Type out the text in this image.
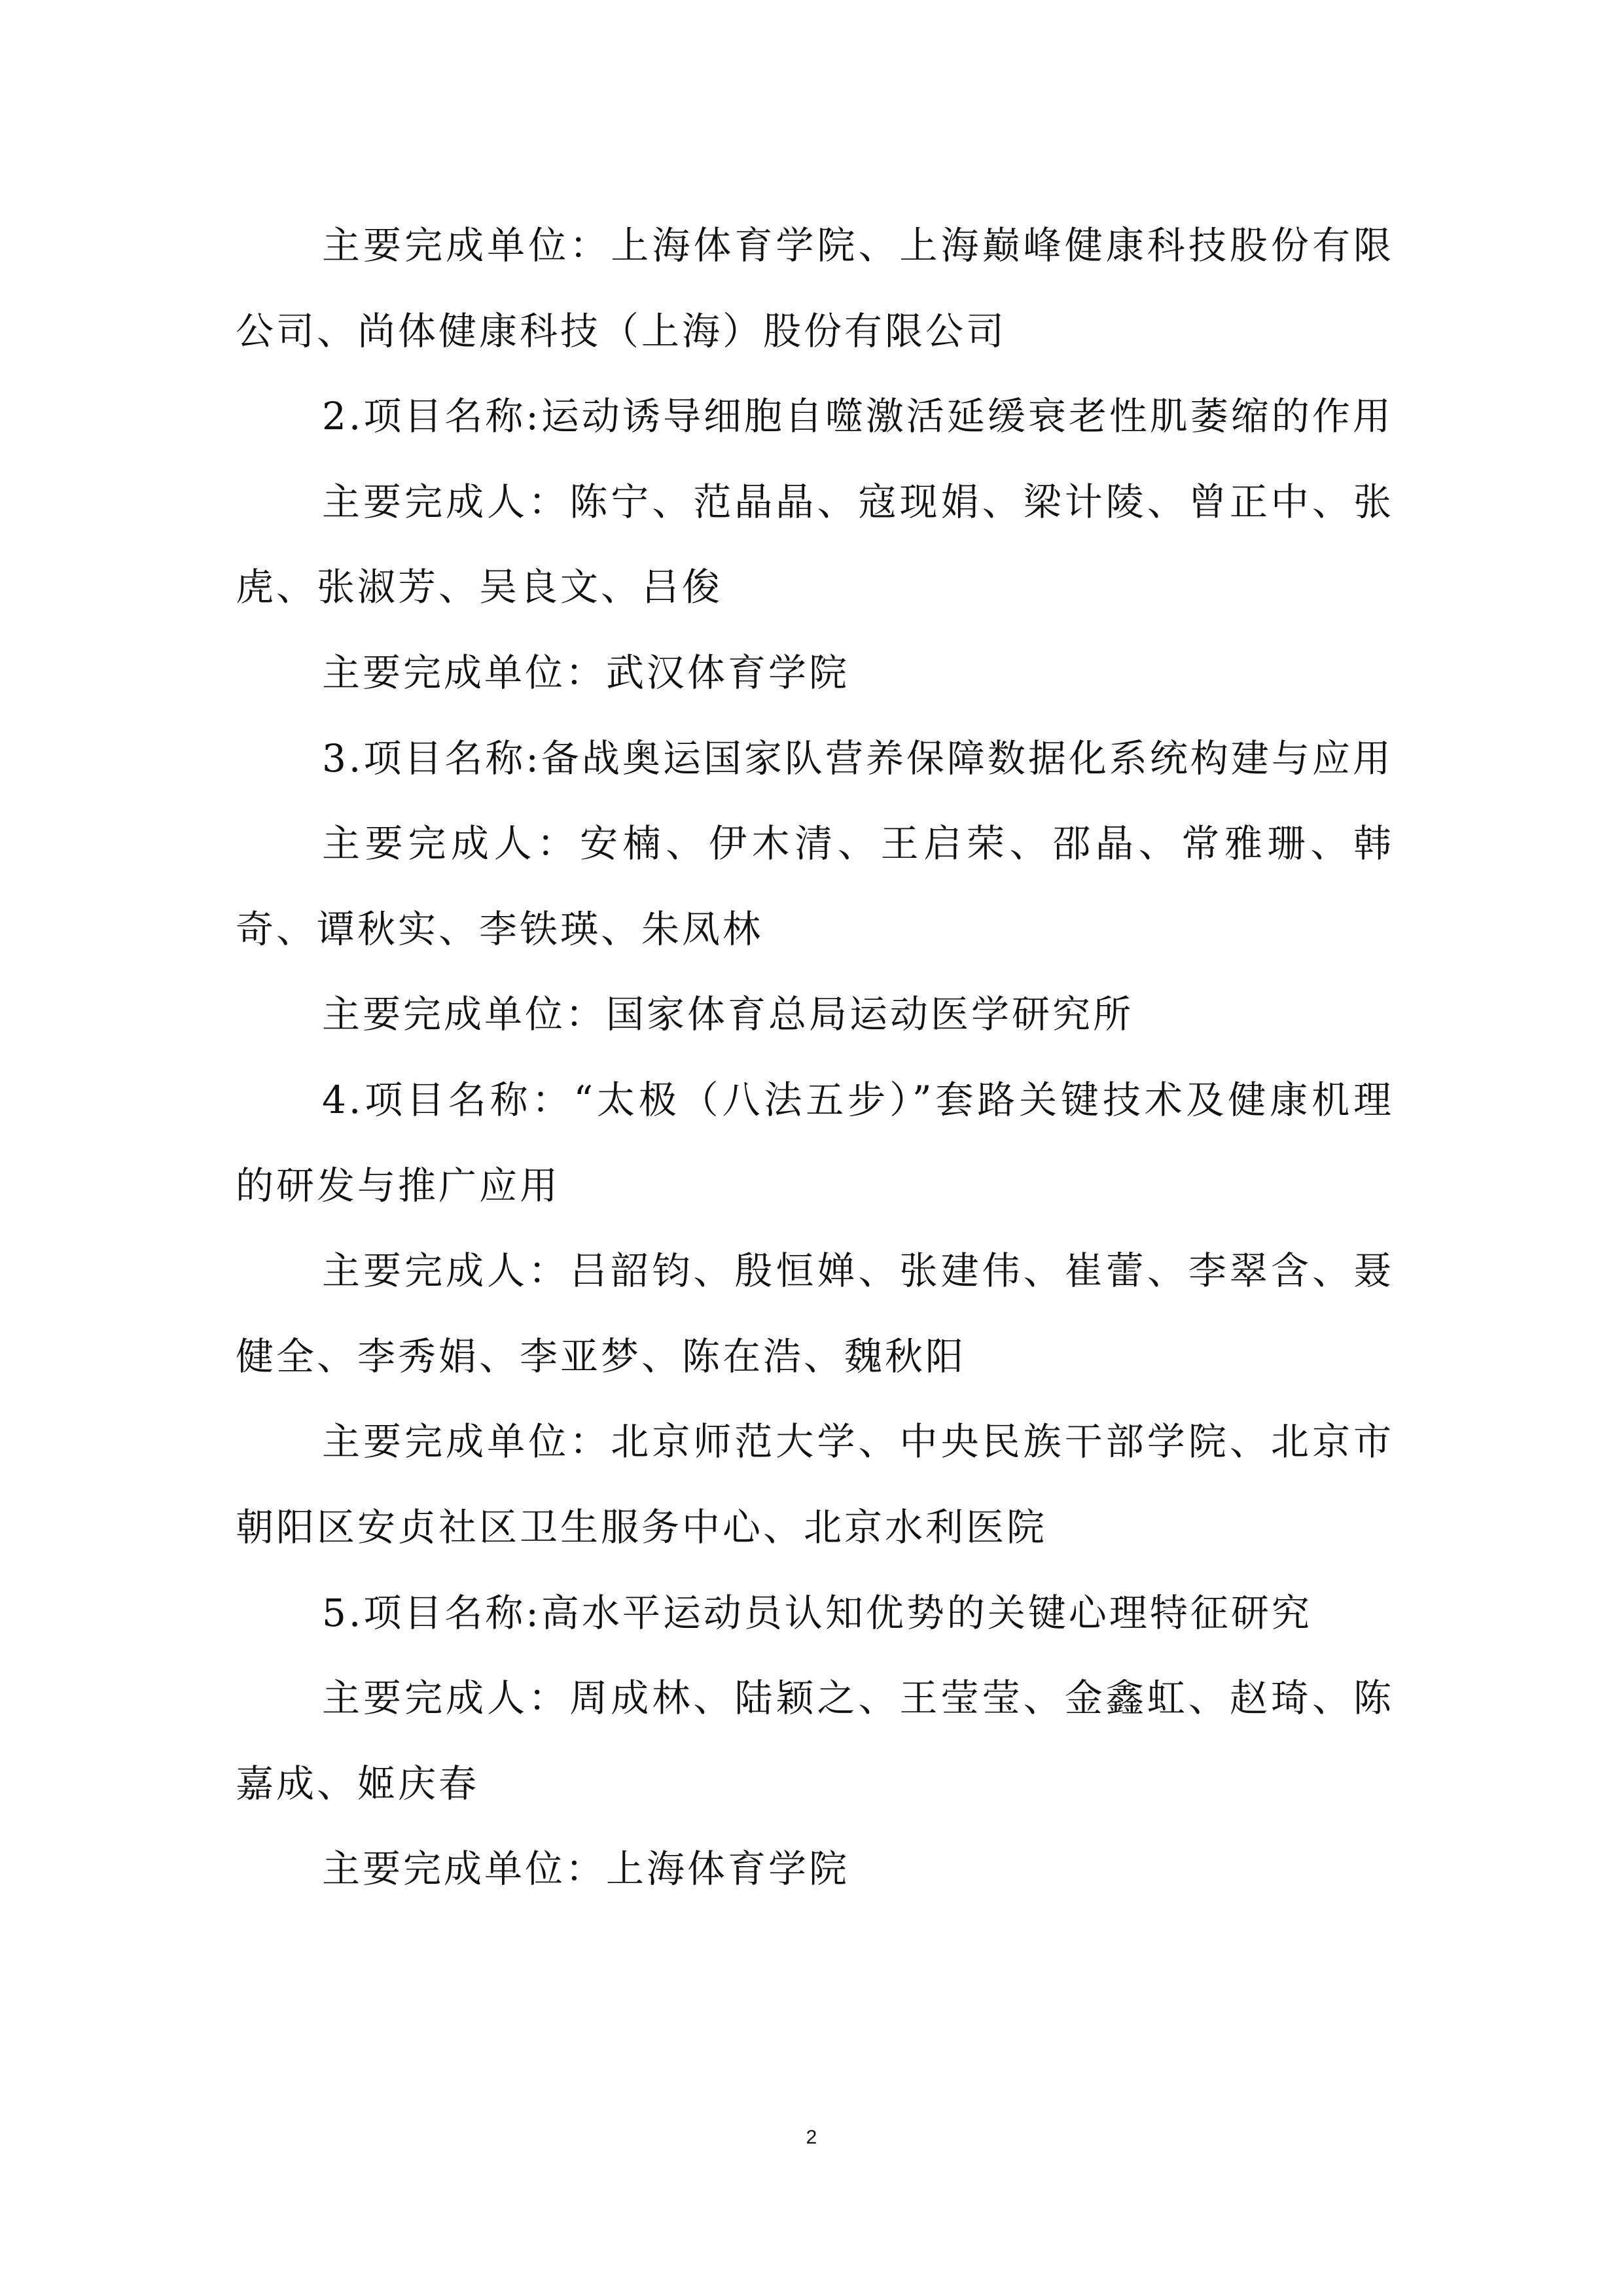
主要完成单位：上海体育学院、上海巅峰健康科技股份有限公司、尚体健康科技（上海）股份有限公司

2.项目名称:运动诱导细胞自噬激活延缓衰老性肌萎缩的作用

主要完成人：陈宁、范晶晶、寇现娟、梁计陵、曾正中、张虎、张淑芳、吴良文、吕俊

主要完成单位：武汉体育学院

3.项目名称:备战奥运国家队营养保障数据化系统构建与应用

主要完成人：安楠、伊木清、王启荣、邵晶、常雅珊、韩奇、谭秋实、李铁瑛、朱凤林

主要完成单位：国家体育总局运动医学研究所

4.项目名称：“太极（八法五步）”套路关键技术及健康机理的研发与推广应用

主要完成人：吕韶钧、殷恒婵、张建伟、崔蕾、李翠含、聂健全、李秀娟、李亚梦、陈在浩、魏秋阳

主要完成单位：北京师范大学、中央民族干部学院、北京市朝阳区安贞社区卫生服务中心、北京水利医院

5.项目名称:高水平运动员认知优势的关键心理特征研究

主要完成人：周成林、陆颖之、王莹莹、金鑫虹、赵琦、陈嘉成、姬庆春

主要完成单位：上海体育学院

2
